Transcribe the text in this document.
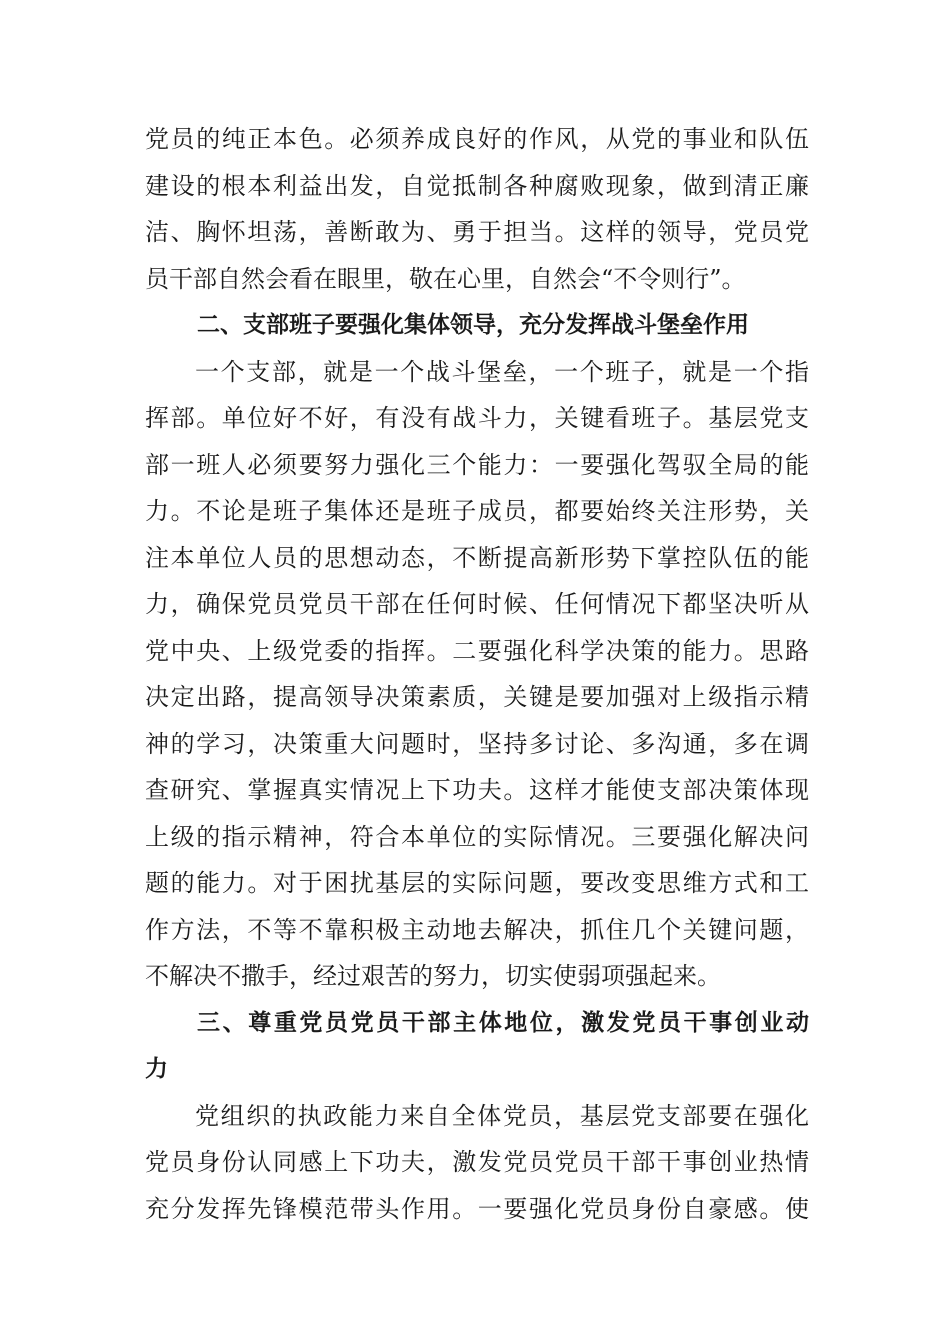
党员的纯正本色。必须养成良好的作风，从党的事业和队伍
建设的根本利益出发，自觉抵制各种腐败现象，做到清正廉
洁、胸怀坦荡，善断敢为、勇于担当。这样的领导，党员党
员干部自然会看在眼里，敬在心里，自然会“不令则行”。
二、支部班子要强化集体领导，充分发挥战斗堡垒作用
一个支部，就是一个战斗堡垒，一个班子，就是一个指
挥部。单位好不好，有没有战斗力，关键看班子。基层党支
部一班人必须要努力强化三个能力：一要强化驾驭全局的能
力。不论是班子集体还是班子成员，都要始终关注形势，关
注本单位人员的思想动态，不断提高新形势下掌控队伍的能
力，确保党员党员干部在任何时候、任何情况下都坚决听从
党中央、上级党委的指挥。二要强化科学决策的能力。思路
决定出路，提高领导决策素质，关键是要加强对上级指示精
神的学习，决策重大问题时，坚持多讨论、多沟通，多在调
查研究、掌握真实情况上下功夫。这样才能使支部决策体现
上级的指示精神，符合本单位的实际情况。三要强化解决问
题的能力。对于困扰基层的实际问题，要改变思维方式和工
作方法，不等不靠积极主动地去解决，抓住几个关键问题，
不解决不撒手，经过艰苦的努力，切实使弱项强起来。
三、尊重党员党员干部主体地位，激发党员干事创业动
力
党组织的执政能力来自全体党员，基层党支部要在强化
党员身份认同感上下功夫，激发党员党员干部干事创业热情
充分发挥先锋模范带头作用。一要强化党员身份自豪感。使
